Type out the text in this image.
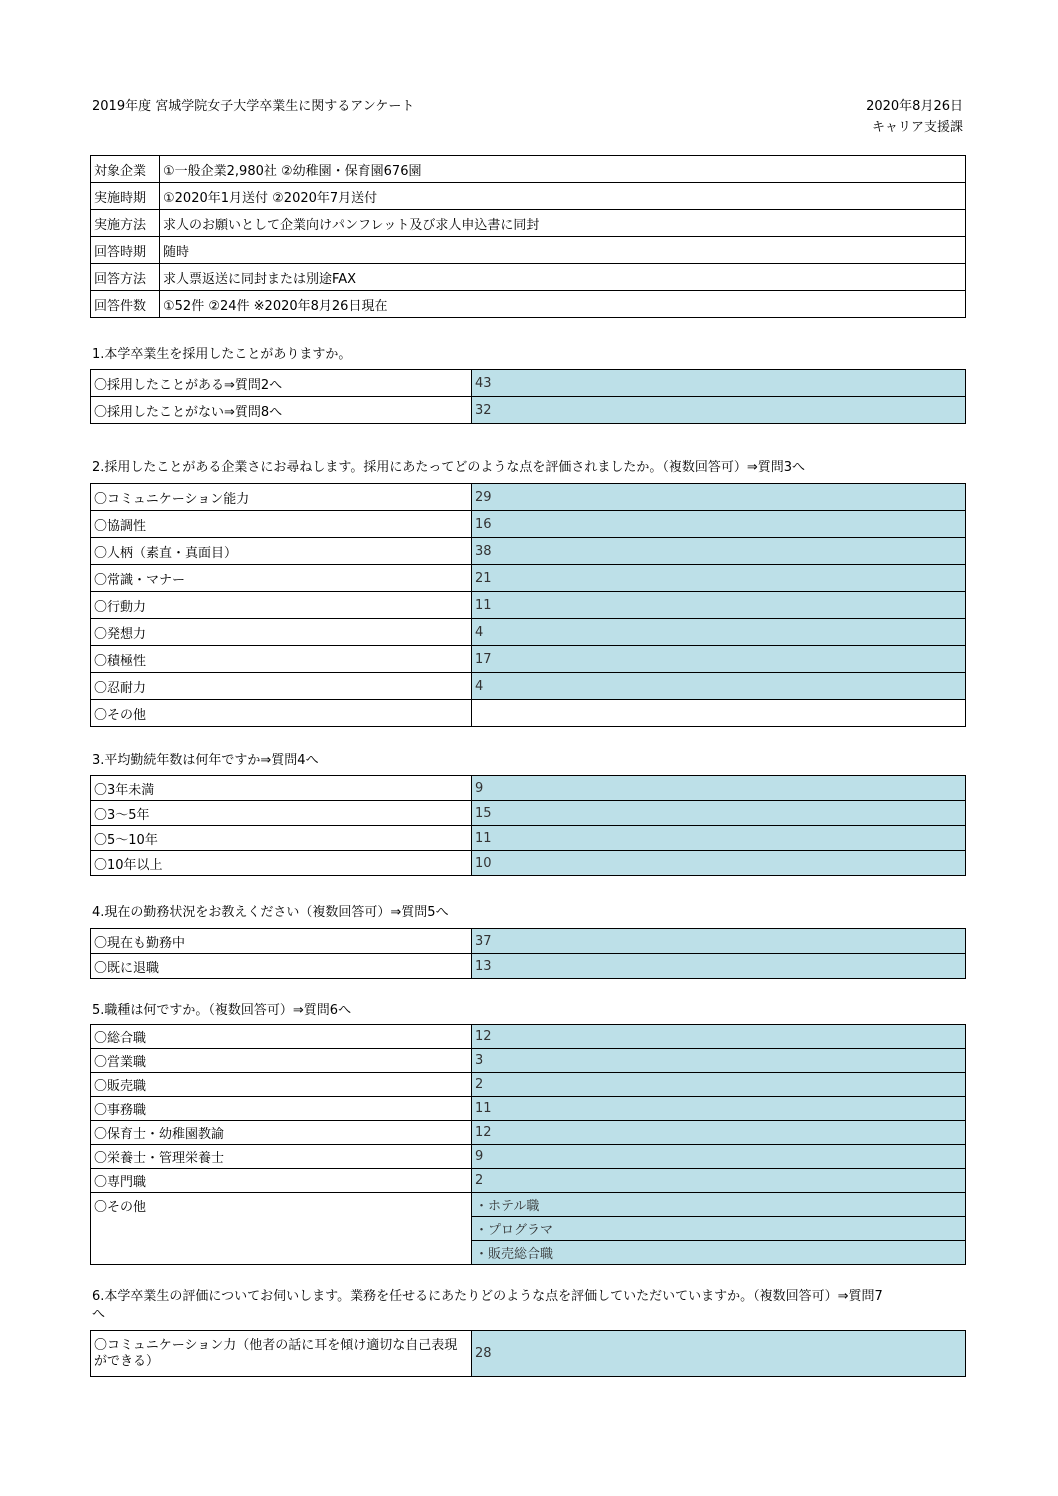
2019年度 宮城学院女子大学卒業生に関するアンケート	2020年8月26日
キャリア支援課
対象企業	①一般企業2,980社 ②幼稚園・保育園676園
実施時期	①2020年1月送付 ②2020年7月送付
実施方法	求人のお願いとして企業向けパンフレット及び求人申込書に同封
回答時期	随時
回答方法	求人票返送に同封または別途FAX
回答件数	①52件 ②24件 ※2020年8月26日現在
1.本学卒業生を採用したことがありますか。
〇採用したことがある⇒質問2へ	43
〇採用したことがない⇒質問8へ	32
2.採用したことがある企業さにお尋ねします。採用にあたってどのような点を評価されましたか。（複数回答可）⇒質問3へ
〇コミュニケーション能力	29
〇協調性	16
〇人柄（素直・真面目）	38
〇常識・マナー	21
〇行動力	11
〇発想力	4
〇積極性	17
〇忍耐力	4
〇その他	
3.平均勤続年数は何年ですか⇒質問4へ
〇3年未満	9
〇3～5年	15
〇5～10年	11
〇10年以上	10
4.現在の勤務状況をお教えください（複数回答可）⇒質問5へ
〇現在も勤務中	37
〇既に退職	13
5.職種は何ですか。（複数回答可）⇒質問6へ
〇総合職	12
〇営業職	3
〇販売職	2
〇事務職	11
〇保育士・幼稚園教諭	12
〇栄養士・管理栄養士	9
〇専門職	2
〇その他	・ホテル職
	・プログラマ
	・販売総合職
6.本学卒業生の評価についてお伺いします。業務を任せるにあたりどのような点を評価していただいていますか。（複数回答可）⇒質問7
へ
〇コミュニケーション力（他者の話に耳を傾け適切な自己表現ができる）	28
